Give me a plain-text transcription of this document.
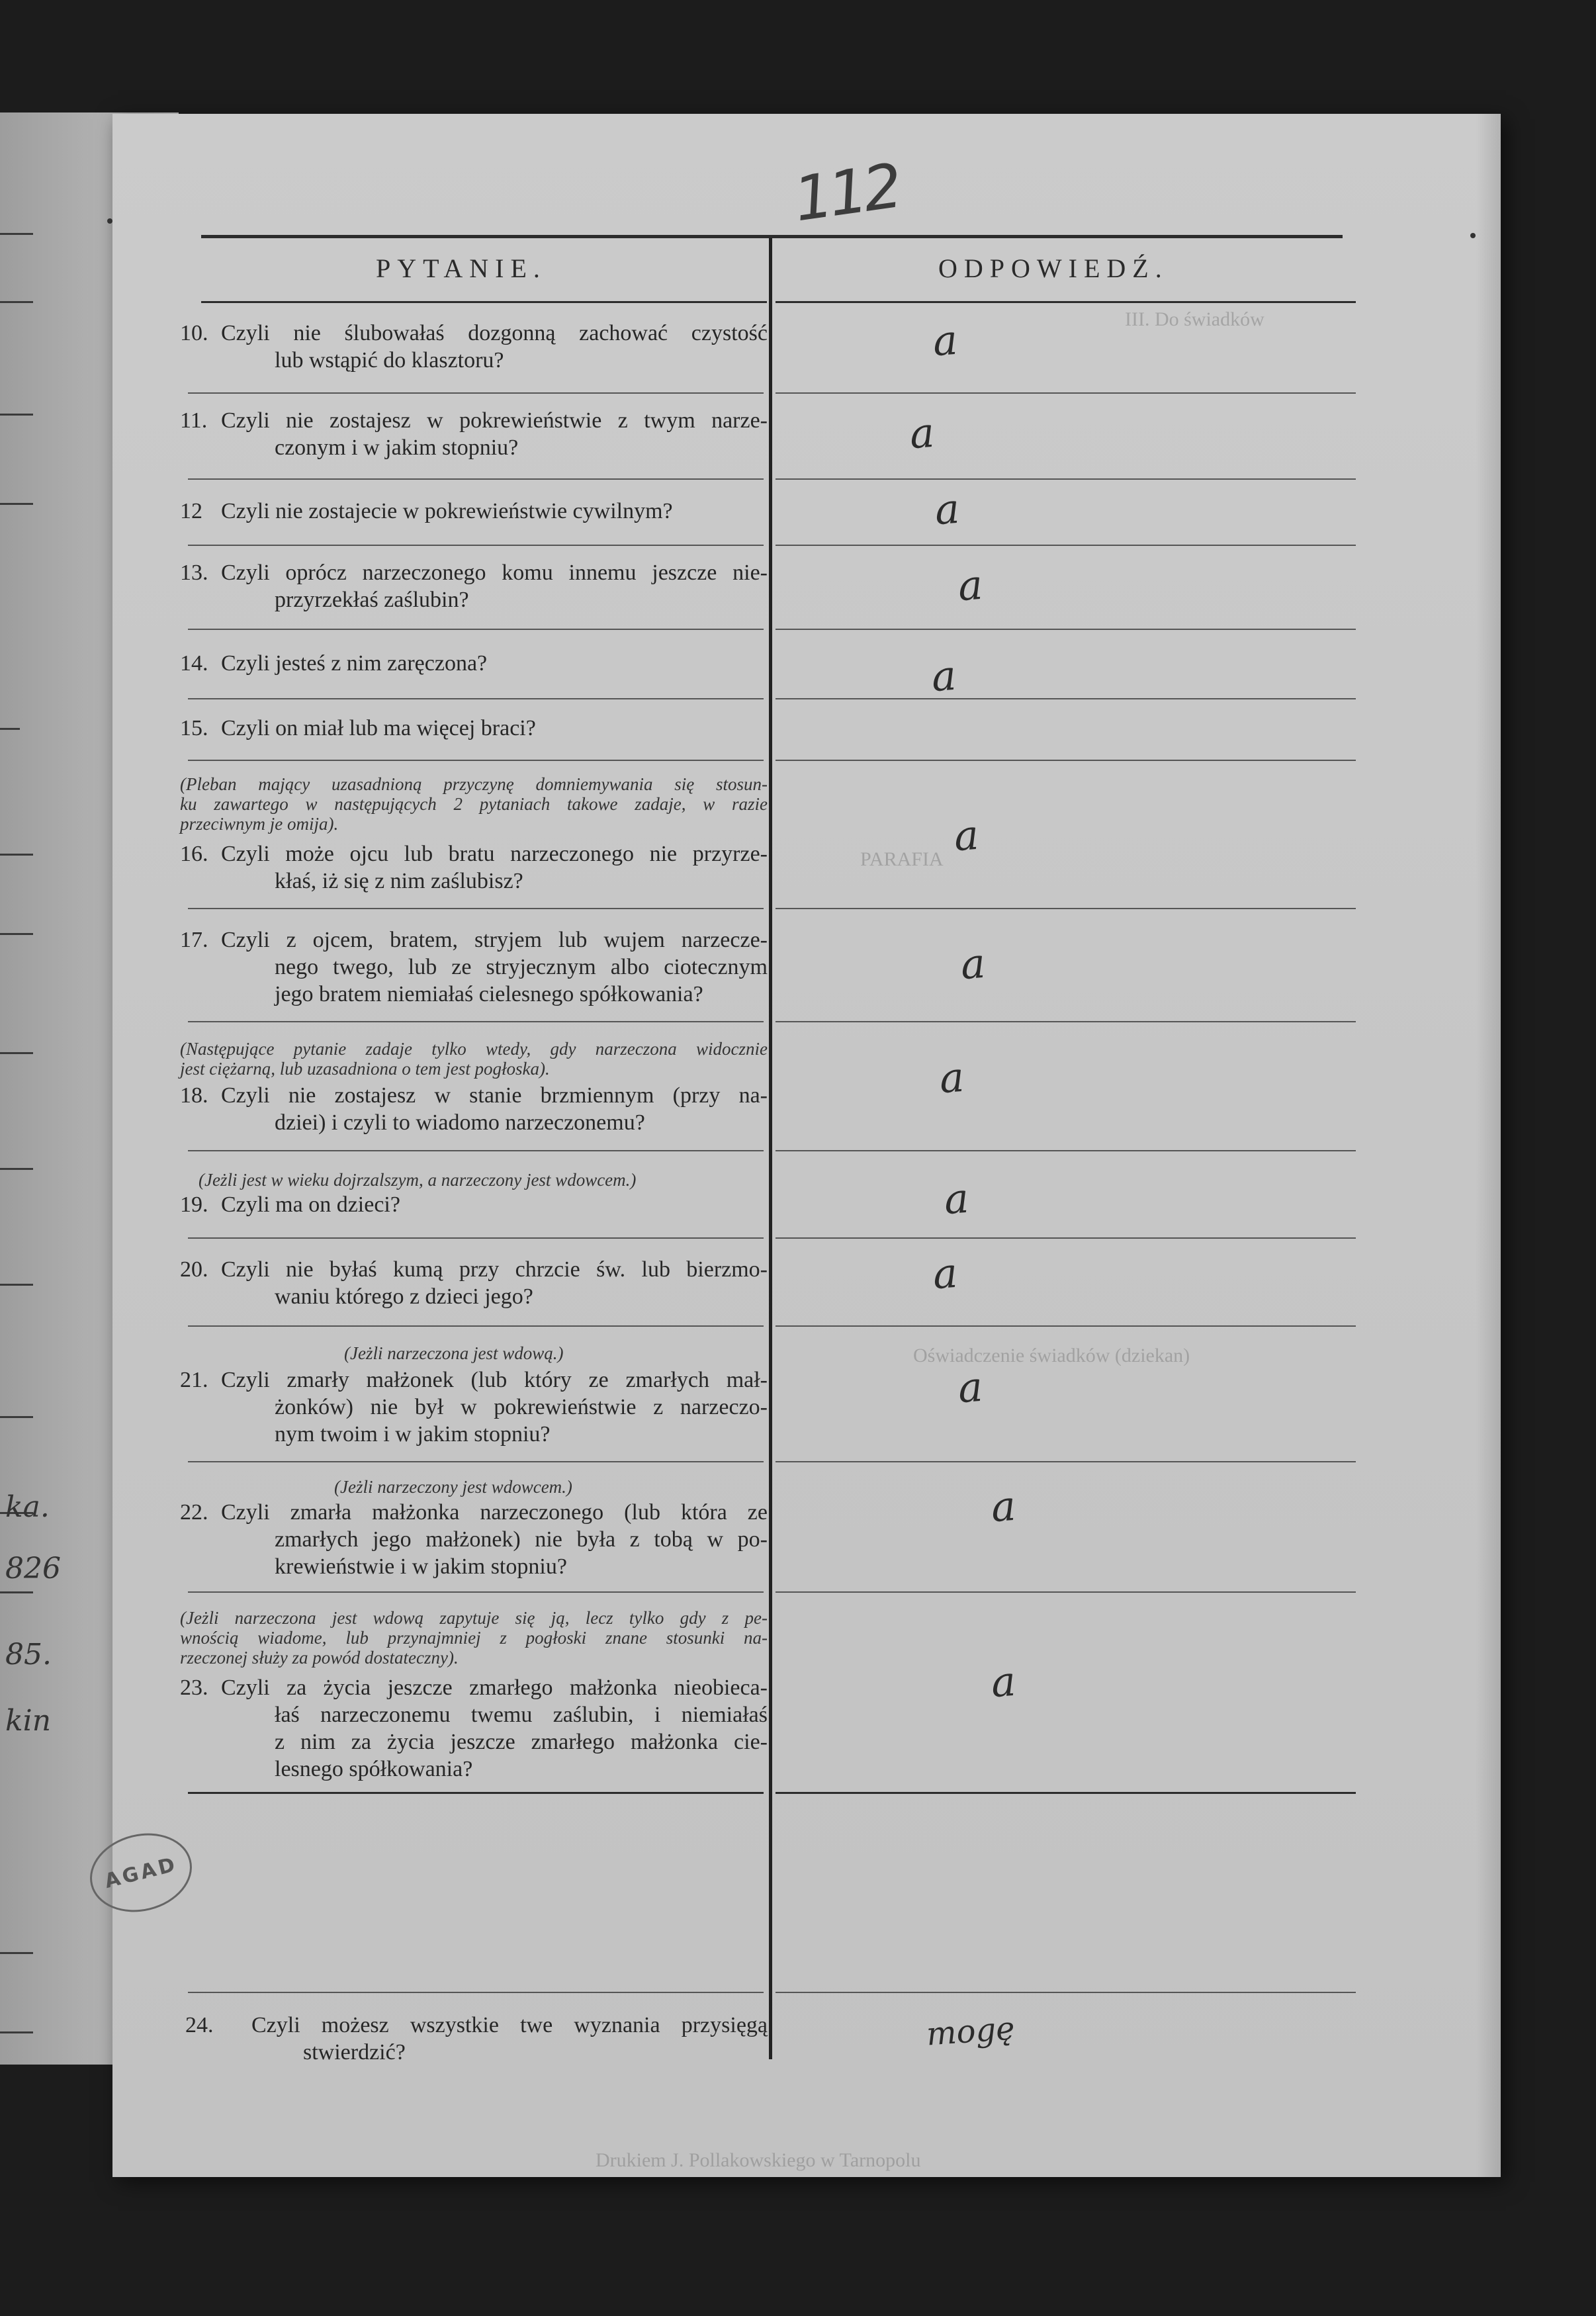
ka.
826
85.
kin
112
III. Do świadków
PARAFIA
Oświadczenie świadków (dziekan)
Drukiem J. Pollakowskiego w Tarnopolu
PYTANIE.	ODPOWIEDŹ.
10. Czyli nie ślubowałaś dozgonną zachować czystość
lub wstąpić do klasztoru?
11. Czyli nie zostajesz w pokrewieństwie z twym narze-
czonym i w jakim stopniu?
12 Czyli nie zostajecie w pokrewieństwie cywilnym?
13. Czyli oprócz narzeczonego komu innemu jeszcze nie-
przyrzekłaś zaślubin?
14. Czyli jesteś z nim zaręczona?
15. Czyli on miał lub ma więcej braci?
(Pleban mający uzasadnioną przyczynę domniemywania się stosun-
ku zawartego w następujących 2 pytaniach takowe zadaje, w razie
przeciwnym je omija).
16. Czyli może ojcu lub bratu narzeczonego nie przyrze-
kłaś, iż się z nim zaślubisz?
17. Czyli z ojcem, bratem, stryjem lub wujem narzecze-
nego twego, lub ze stryjecznym albo ciotecznym
jego bratem niemiałaś cielesnego spółkowania?
(Następujące pytanie zadaje tylko wtedy, gdy narzeczona widocznie
jest ciężarną, lub uzasadniona o tem jest pogłoska).
18. Czyli nie zostajesz w stanie brzmiennym (przy na-
dziei) i czyli to wiadomo narzeczonemu?
(Jeżli jest w wieku dojrzalszym, a narzeczony jest wdowcem.)
19. Czyli ma on dzieci?
20. Czyli nie byłaś kumą przy chrzcie św. lub bierzmo-
waniu którego z dzieci jego?
(Jeżli narzeczona jest wdową.)
21. Czyli zmarły małżonek (lub który ze zmarłych mał-
żonków) nie był w pokrewieństwie z narzeczo-
nym twoim i w jakim stopniu?
(Jeżli narzeczony jest wdowcem.)
22. Czyli zmarła małżonka narzeczonego (lub która ze
zmarłych jego małżonek) nie była z tobą w po-
krewieństwie i w jakim stopniu?
(Jeżli narzeczona jest wdową zapytuje się ją, lecz tylko gdy z pe-
wnością wiadome, lub przynajmniej z pogłoski znane stosunki na-
rzeczonej służy za powód dostateczny).
23. Czyli za życia jeszcze zmarłego małżonka nieobieca-
łaś narzeczonemu twemu zaślubin, i niemiałaś
z nim za życia jeszcze zmarłego małżonka cie-
lesnego spółkowania?
24. Czyli możesz wszystkie twe wyznania przysięgą
stwierdzić?
a
a
a
a
a
a
a
a
a
a
a
a
a
mogę
AGAD
